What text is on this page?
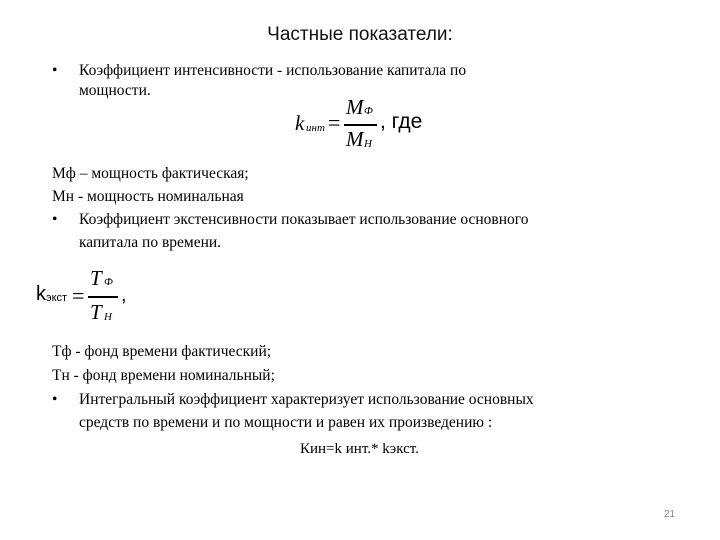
Частные показатели:
• Коэффициент интенсивности - использование капитала по
мощности.
k инт =
M Ф
M Н
, где
Мф – мощность фактическая;
Мн - мощность номинальная
• Коэффициент экстенсивности показывает использование основного
капитала по времени.
k экст =
T Ф
T Н
,
Тф - фонд времени фактический;
Тн - фонд времени номинальный;
• Интегральный коэффициент характеризует использование основных
средств по времени и по мощности и равен их произведению :
Кин=k инт.* kэкст.
21
